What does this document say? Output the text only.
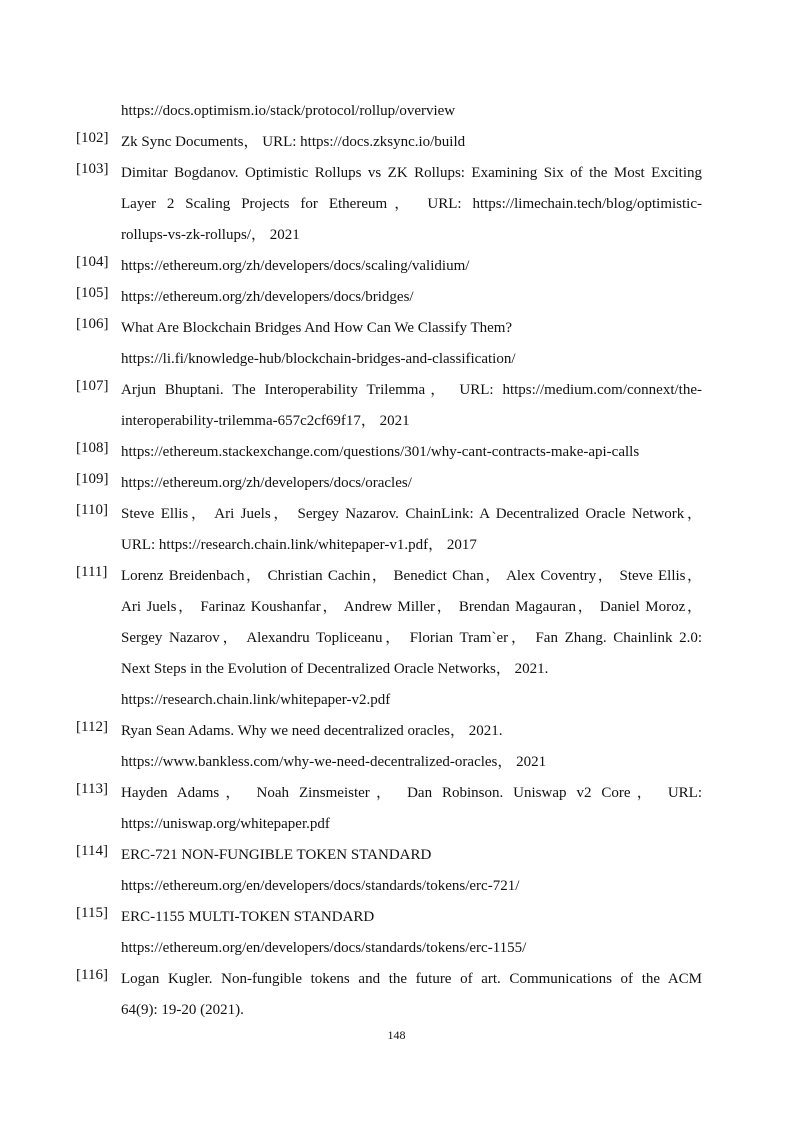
https://docs.optimism.io/stack/protocol/rollup/overview
[102] Zk Sync Documents， URL: https://docs.zksync.io/build
[103] Dimitar Bogdanov. Optimistic Rollups vs ZK Rollups: Examining Six of the Most Exciting
Layer 2 Scaling Projects for Ethereum， URL: https://limechain.tech/blog/optimistic-
rollups-vs-zk-rollups/， 2021
[104] https://ethereum.org/zh/developers/docs/scaling/validium/
[105] https://ethereum.org/zh/developers/docs/bridges/
[106] What Are Blockchain Bridges And How Can We Classify Them?
https://li.fi/knowledge-hub/blockchain-bridges-and-classification/
[107] Arjun Bhuptani. The Interoperability Trilemma， URL: https://medium.com/connext/the-
interoperability-trilemma-657c2cf69f17， 2021
[108] https://ethereum.stackexchange.com/questions/301/why-cant-contracts-make-api-calls
[109] https://ethereum.org/zh/developers/docs/oracles/
[110] Steve Ellis， Ari Juels， Sergey Nazarov. ChainLink: A Decentralized Oracle Network，
URL: https://research.chain.link/whitepaper-v1.pdf， 2017
[111] Lorenz Breidenbach， Christian Cachin， Benedict Chan， Alex Coventry， Steve Ellis，
Ari Juels， Farinaz Koushanfar， Andrew Miller， Brendan Magauran， Daniel Moroz，
Sergey Nazarov， Alexandru Topliceanu， Florian Tram`er， Fan Zhang. Chainlink 2.0:
Next Steps in the Evolution of Decentralized Oracle Networks， 2021.
https://research.chain.link/whitepaper-v2.pdf
[112] Ryan Sean Adams. Why we need decentralized oracles， 2021.
https://www.bankless.com/why-we-need-decentralized-oracles， 2021
[113] Hayden Adams， Noah Zinsmeister， Dan Robinson. Uniswap v2 Core， URL:
https://uniswap.org/whitepaper.pdf
[114] ERC-721 NON-FUNGIBLE TOKEN STANDARD
https://ethereum.org/en/developers/docs/standards/tokens/erc-721/
[115] ERC-1155 MULTI-TOKEN STANDARD
https://ethereum.org/en/developers/docs/standards/tokens/erc-1155/
[116] Logan Kugler. Non-fungible tokens and the future of art. Communications of the ACM
64(9): 19-20 (2021).
148
